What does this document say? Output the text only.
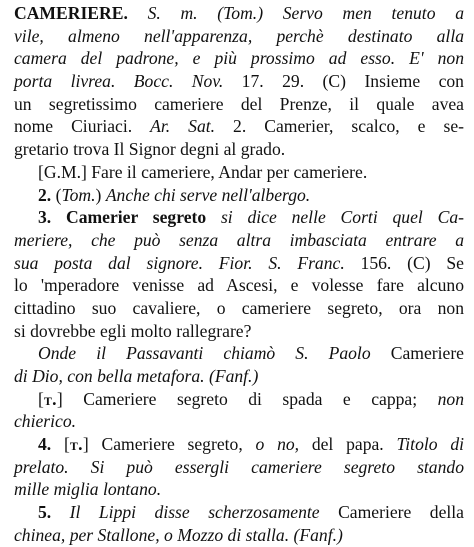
CAMERIERE. S. m. (Tom.) Servo men tenuto a
vile, almeno nell'apparenza, perchè destinato alla
camera del padrone, e più prossimo ad esso. E' non
porta livrea. Bocc. Nov. 17. 29. (C) Insieme con
un segretissimo cameriere del Prenze, il quale avea
nome Ciuriaci. Ar. Sat. 2. Camerier, scalco, e se-
gretario trova Il Signor degni al grado.
[G.M.] Fare il cameriere, Andar per cameriere.
2. (Tom.) Anche chi serve nell'albergo.
3. Camerier segreto si dice nelle Corti quel Ca-
meriere, che può senza altra imbasciata entrare a
sua posta dal signore. Fior. S. Franc. 156. (C) Se
lo 'mperadore venisse ad Ascesi, e volesse fare alcuno
cittadino suo cavaliere, o cameriere segreto, ora non
si dovrebbe egli molto rallegrare?
Onde il Passavanti chiamò S. Paolo Cameriere
di Dio, con bella metafora. (Fanf.)
[t.] Cameriere segreto di spada e cappa; non
chierico.
4. [t.] Cameriere segreto, o no, del papa. Titolo di
prelato. Si può essergli cameriere segreto stando
mille miglia lontano.
5. Il Lippi disse scherzosamente Cameriere della
chinea, per Stallone, o Mozzo di stalla. (Fanf.)
